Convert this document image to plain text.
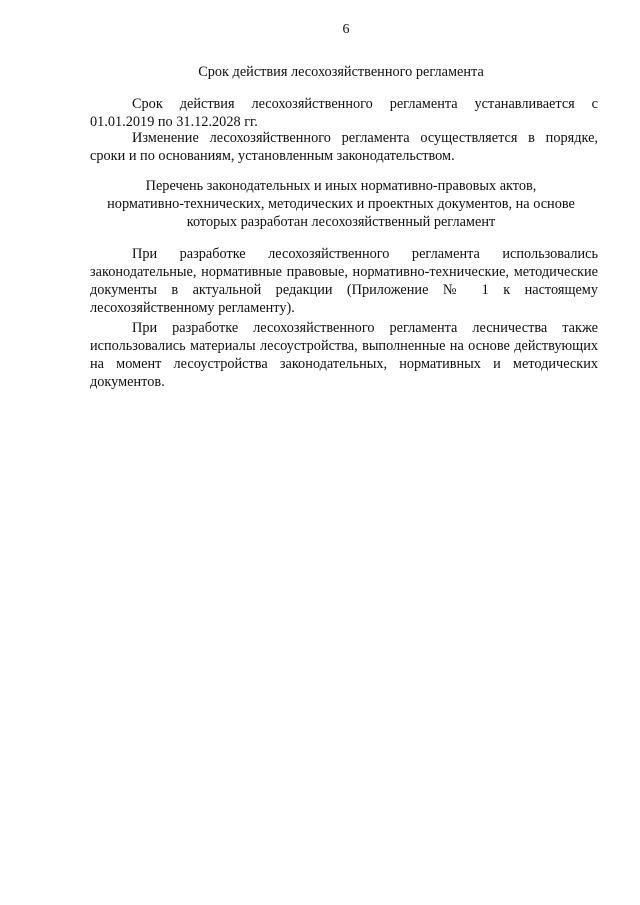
6
Срок действия лесохозяйственного регламента

Срок действия лесохозяйственного регламента устанавливается с 01.01.2019 по 31.12.2028 гг.

Изменение лесохозяйственного регламента осуществляется в порядке, сроки и по основаниям, установленным законодательством.

Перечень законодательных и иных нормативно-правовых актов,
нормативно-технических, методических и проектных документов, на основе
которых разработан лесохозяйственный регламент

При разработке лесохозяйственного регламента использовались законодательные, нормативные правовые, нормативно-технические, методические документы в актуальной редакции (Приложение № 1 к настоящему лесохозяйственному регламенту).

При разработке лесохозяйственного регламента лесничества также использовались материалы лесоустройства, выполненные на основе действующих на момент лесоустройства законодательных, нормативных и методических документов.
